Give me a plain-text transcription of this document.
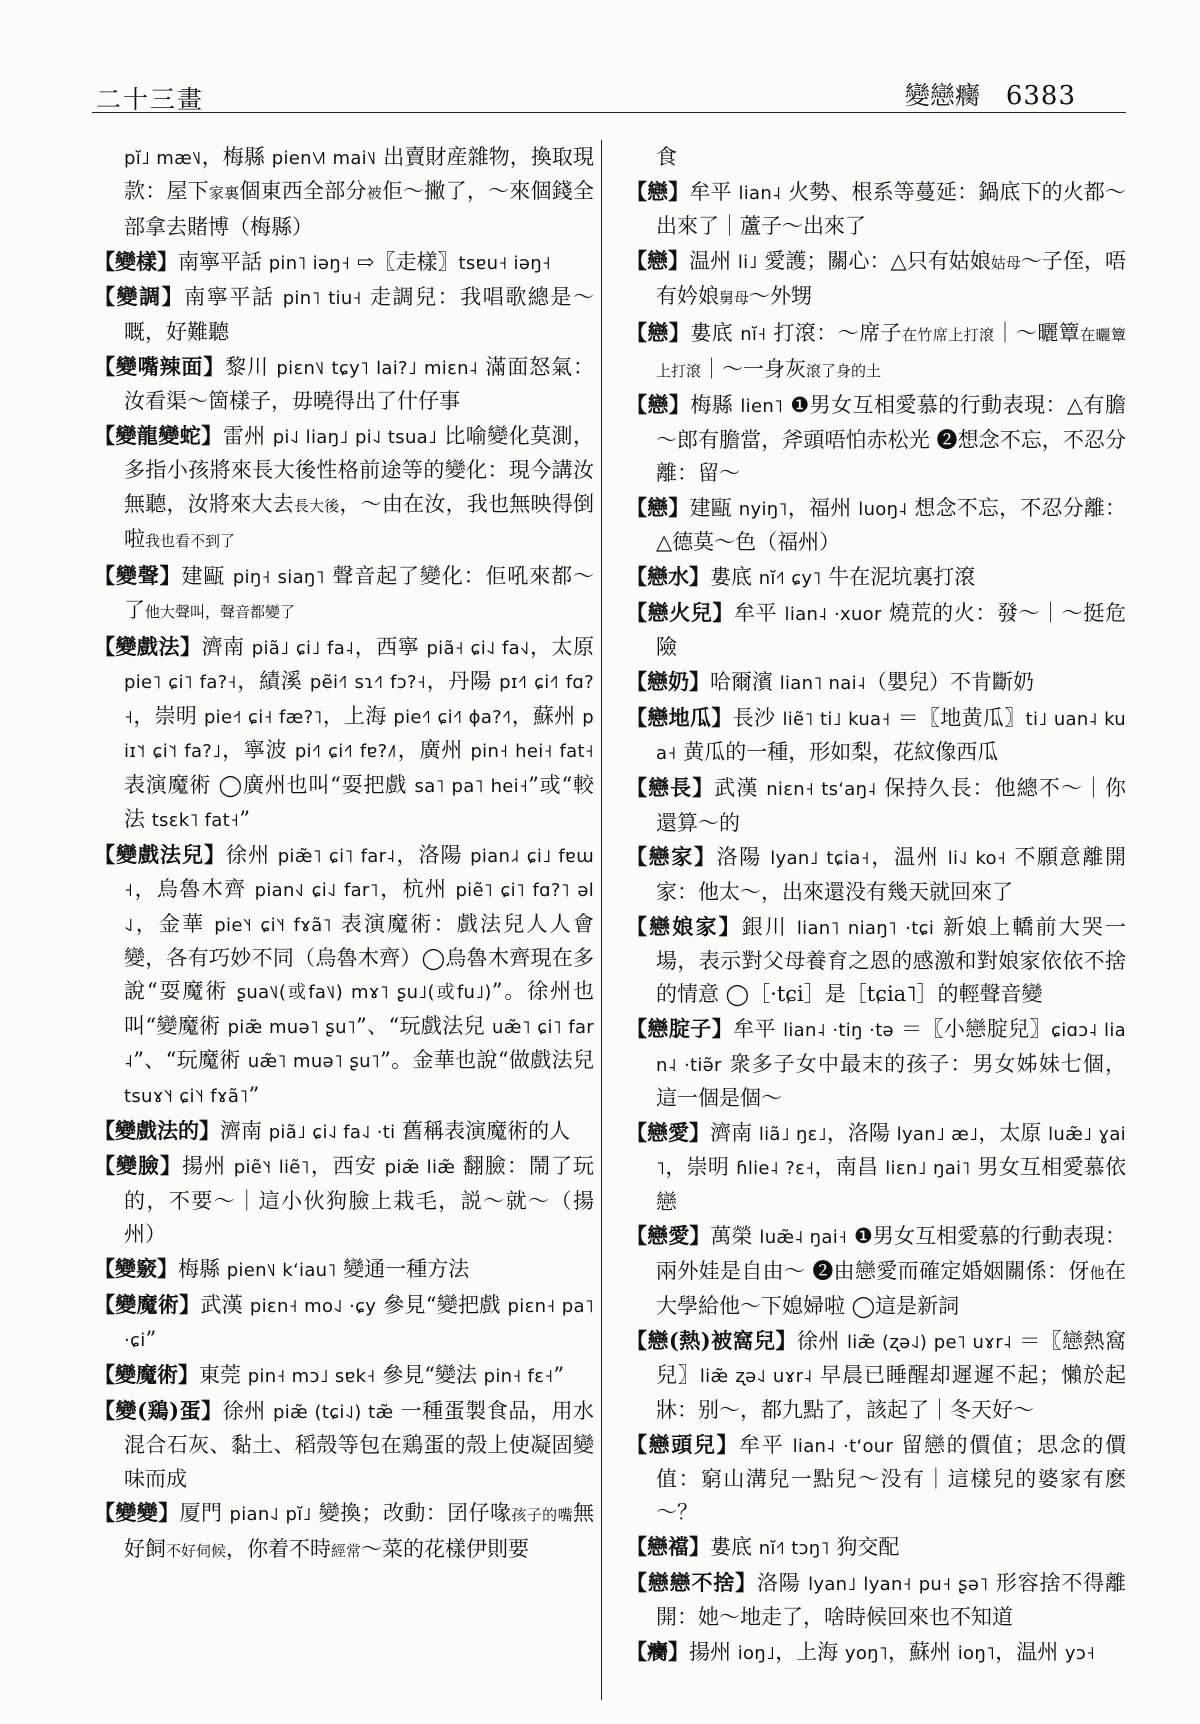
二十三畫	變戀癵 6383
pĭ˩ mæ˥˩，梅縣 pien˥˩˥ mai˥˩ 出賣財産雜物，換取現款：屋下家裏個東西全部分被佢～撇了，～來個錢全部拿去賭博（梅縣）
【變樣】南寧平話 pin˥ iəŋ˧ ⇨〖走樣〗tsɐu˧ iəŋ˧
【變調】南寧平話 pin˥ tiu˧ 走調兒：我唱歌總是～嘅，好難聽
【變嘴辣面】黎川 piɛn˥˩ tɕy˥ lai?˩ miɛn˨ 滿面怒氣：汝看渠～箇樣子，毋曉得出了什仔事
【變龍變蛇】雷州 pi˨˩ liaŋ˩ pi˨˩ tsua˩ 比喻變化莫測，多指小孩將來長大後性格前途等的變化：現今講汝無聽，汝將來大去長大後，～由在汝，我也無映得倒啦我也看不到了
【變聲】建甌 piŋ˧ siaŋ˥ 聲音起了變化：佢吼來都～了他大聲叫，聲音都變了
【變戲法】濟南 piã˩ ɕi˩ fa˨，西寧 piã˧ ɕi˨˩ fa˧˩，太原 pie˥ ɕi˥ fa?˧，績溪 pẽi˧˥ sɿ˧˥ fɔ?˧，丹陽 pɪ˧˥ ɕi˧˥ fɑ?˧，崇明 pie˧˦ ɕi˧ fæ?˥，上海 pie˧˥ ɕi˧˥ ɸa?˧˥，蘇州 piɪ˥˦ ɕi˥˦ fa?˩，寧波 pi˧˥ ɕi˧˥ fɐ?˩˥，廣州 pin˧ hei˧ fat˧ 表演魔術 ◯廣州也叫“耍把戲 sa˥ pa˥ hei˧”或“較法 tsɛk˥ fat˧”
【變戲法兒】徐州 piæ̃˥ ɕi˥ far˨，洛陽 pian˩˨ ɕi˩ fɐɯ˧，烏魯木齊 pian˧˩ ɕi˨˩ far˥，杭州 piẽ˥ ɕi˥ fɑ?˥ əl˨˩，金華 pie˥˧ ɕi˥˧ fɤã˥ 表演魔術：戲法兒人人會變，各有巧妙不同（烏魯木齊）◯烏魯木齊現在多說“耍魔術 ʂua˥˩(或fa˥˩) mɤ˥ ʂu˩(或fu˩)”。徐州也叫“變魔術 piæ̃ muə˥ ʂu˥”、“玩戲法兒 uæ̃˥ ɕi˥ far˨”、“玩魔術 uæ̃˥ muə˥ ʂu˥”。金華也說“做戲法兒 tsuɤ˥˧ ɕi˥˧ fɤã˥”
【變戲法的】濟南 piã˩ ɕi˨˩ fa˨˩ ·ti 舊稱表演魔術的人
【變臉】揚州 piẽ˥˧ liẽ˥，西安 piæ̃ liæ̃ 翻臉：鬧了玩的，不要～｜這小伙狗臉上栽毛，説～就～（揚州）
【變竅】梅縣 pien˥˩ kʻiau˥ 變通一種方法
【變魔術】武漢 piɛn˧ mo˨˩ ·ɕy 參見“變把戲 piɛn˧ pa˥ ·ɕi”
【變魔術】東莞 pin˧ mɔ˩ sɐk˧ 參見“變法 pin˧ fɛ˧”
【變(鶏)蛋】徐州 piæ̃ (tɕi˨˩) tæ̃ 一種蛋製食品，用水混合石灰、黏土、稻殼等包在鶏蛋的殼上使凝固變味而成
【變變】厦門 pian˨˩ pĭ˩ 變換；改動：囝仔喙孩子的嘴無好飼不好伺候，你着不時經常～菜的花樣伊則要
食
【戀】牟平 lian˨ 火勢、根系等蔓延：鍋底下的火都～出來了｜蘆子～出來了
【戀】温州 li˩ 愛護；關心：△只有姑娘姑母～子侄，唔有妗娘舅母～外甥
【戀】婁底 nĭ˧ 打滾：～席子在竹席上打滾｜～曬簟在曬簟上打滾｜～一身灰滾了身的土
【戀】梅縣 lien˥ ❶男女互相愛慕的行動表現：△有膽～郎有膽當，斧頭唔怕赤松光 ❷想念不忘，不忍分離：留～
【戀】建甌 nyiŋ˥，福州 luoŋ˨ 想念不忘，不忍分離：△德莫～色（福州）
【戀水】婁底 nĭ˧˥ ɕy˥ 牛在泥坑裏打滾
【戀火兒】牟平 lian˨ ·xuor 燒荒的火：發～｜～挺危險
【戀奶】哈爾濱 lian˥ nai˨（嬰兒）不肯斷奶
【戀地瓜】長沙 liẽ˥ ti˩ kua˧ ＝〖地黄瓜〗ti˩ uan˨ kua˧ 黄瓜的一種，形如梨，花紋像西瓜
【戀長】武漢 niɛn˧ tsʻaŋ˨ 保持久長：他總不～｜你還算～的
【戀家】洛陽 lyan˩ tɕia˧，温州 li˨˩ ko˧ 不願意離開家：他太～，出來還没有幾天就回來了
【戀娘家】銀川 lian˥ niaŋ˥ ·tɕi 新娘上轎前大哭一場，表示對父母養育之恩的感激和對娘家依依不捨的情意 ◯［·tɕi］是［tɕia˥］的輕聲音變
【戀腚子】牟平 lian˨ ·tiŋ ·tə ＝〖小戀腚兒〗ɕiɑɔ˨ lian˨ ·tiə̃r 衆多子女中最末的孩子：男女姊妹七個，這一個是個～
【戀愛】濟南 liã˩ ŋɛ˩，洛陽 lyan˩ æ˩，太原 luæ̃˩ ɣai˥，崇明 ɦlie˨ ?ɛ˧，南昌 liɛn˩ ŋai˥ 男女互相愛慕依戀
【戀愛】萬榮 luæ̃˨ ŋai˧ ❶男女互相愛慕的行動表現：兩外娃是自由～ ❷由戀愛而確定婚姻關係：伢他在大學給他～下媳婦啦 ◯這是新詞
【戀(熱)被窩兒】徐州 liæ̃ (ʐə˨˩) pe˥ uɤr˨ ＝〖戀熱窩兒〗liæ̃ ʐə˨˩ uɤr˨ 早晨已睡醒却遲遲不起；懶於起牀：别～，都九點了，該起了｜冬天好～
【戀頭兒】牟平 lian˨ ·tʻour 留戀的價值；思念的價值：窮山溝兒一點兒～没有｜這樣兒的婆家有麽～？
【戀襠】婁底 nĭ˧˥ tɔŋ˥ 狗交配
【戀戀不捨】洛陽 lyan˩ lyan˧ pu˧ ʂə˥ 形容捨不得離開：她～地走了，啥時候回來也不知道
【癵】揚州 ioŋ˩，上海 yoŋ˥，蘇州 ioŋ˥，温州 yɔ˧
